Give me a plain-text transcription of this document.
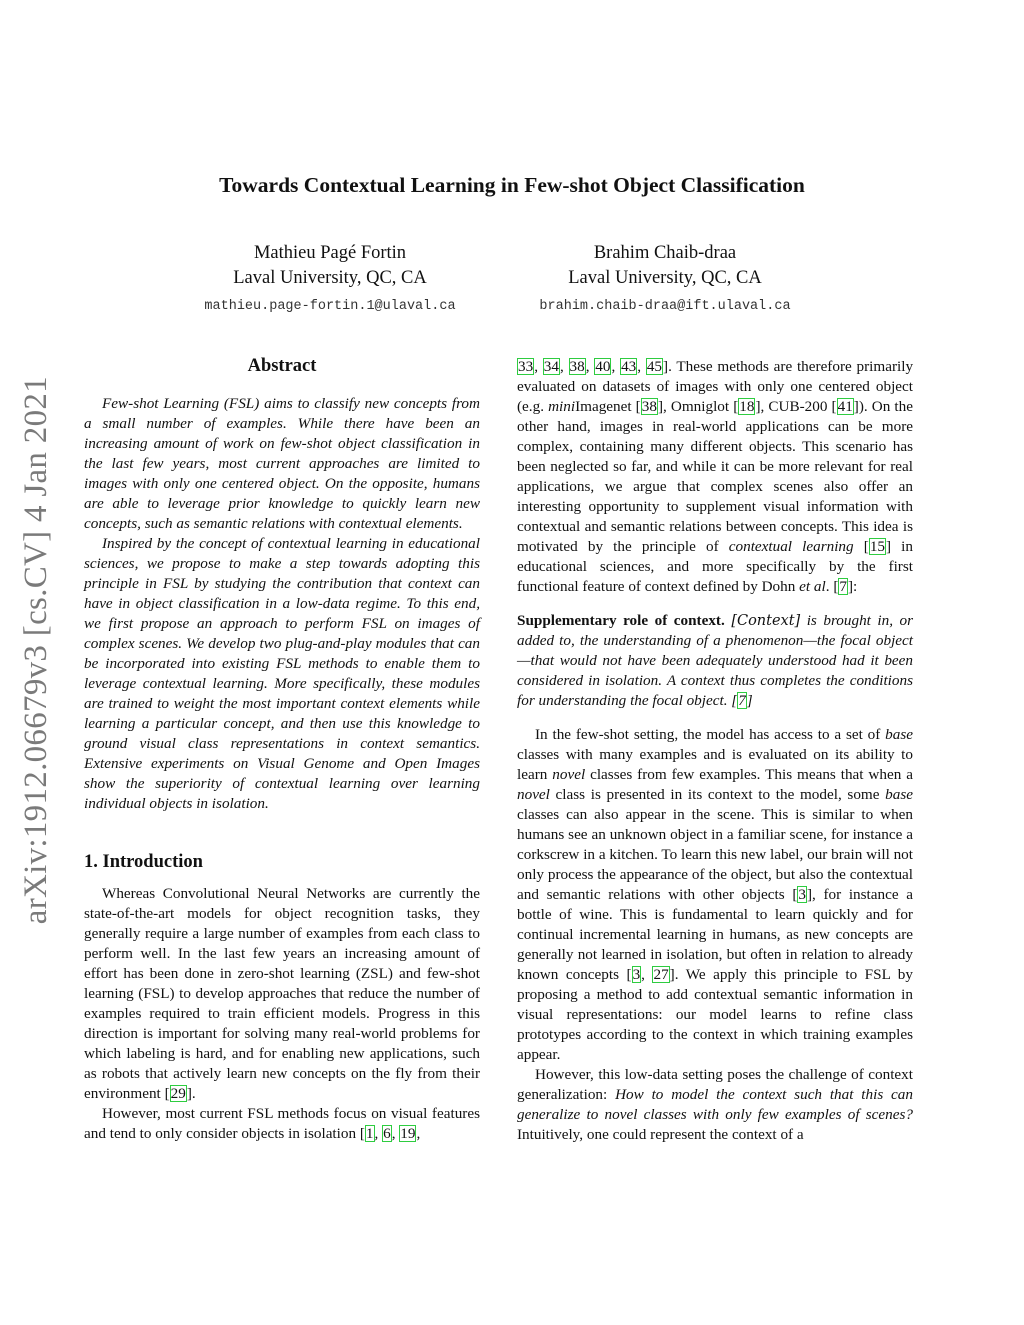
arXiv:1912.06679v3 [cs.CV] 4 Jan 2021
Towards Contextual Learning in Few-shot Object Classification
Mathieu Pagé Fortin
Laval University, QC, CA
mathieu.page-fortin.1@ulaval.ca
Brahim Chaib-draa
Laval University, QC, CA
brahim.chaib-draa@ift.ulaval.ca
Abstract

Few-shot Learning (FSL) aims to classify new concepts from a small number of examples. While there have been an increasing amount of work on few-shot object classification in the last few years, most current approaches are limited to images with only one centered object. On the opposite, humans are able to leverage prior knowledge to quickly learn new concepts, such as semantic relations with contextual elements.

Inspired by the concept of contextual learning in educational sciences, we propose to make a step towards adopting this principle in FSL by studying the contribution that context can have in object classification in a low-data regime. To this end, we first propose an approach to perform FSL on images of complex scenes. We develop two plug-and-play modules that can be incorporated into existing FSL methods to enable them to leverage contextual learning. More specifically, these modules are trained to weight the most important context elements while learning a particular concept, and then use this knowledge to ground visual class representations in context semantics. Extensive experiments on Visual Genome and Open Images show the superiority of contextual learning over learning individual objects in isolation.

1. Introduction

Whereas Convolutional Neural Networks are currently the state-of-the-art models for object recognition tasks, they generally require a large number of examples from each class to perform well. In the last few years an increasing amount of effort has been done in zero-shot learning (ZSL) and few-shot learning (FSL) to develop approaches that reduce the number of examples required to train efficient models. Progress in this direction is important for solving many real-world problems for which labeling is hard, and for enabling new applications, such as robots that actively learn new concepts on the fly from their environment [29].

However, most current FSL methods focus on visual features and tend to only consider objects in isolation [1, 6, 19,

33, 34, 38, 40, 43, 45]. These methods are therefore primarily evaluated on datasets of images with only one centered object (e.g. miniImagenet [38], Omniglot [18], CUB-200 [41]). On the other hand, images in real-world applications can be more complex, containing many different objects. This scenario has been neglected so far, and while it can be more relevant for real applications, we argue that complex scenes also offer an interesting opportunity to supplement visual information with contextual and semantic relations between concepts. This idea is motivated by the principle of contextual learning [15] in educational sciences, and more specifically by the first functional feature of context defined by Dohn et al. [7]:

Supplementary role of context. [Context] is brought in, or added to, the understanding of a phenomenon—the focal object—that would not have been adequately understood had it been considered in isolation. A context thus completes the conditions for understanding the focal object. [7]

In the few-shot setting, the model has access to a set of base classes with many examples and is evaluated on its ability to learn novel classes from few examples. This means that when a novel class is presented in its context to the model, some base classes can also appear in the scene. This is similar to when humans see an unknown object in a familiar scene, for instance a corkscrew in a kitchen. To learn this new label, our brain will not only process the appearance of the object, but also the contextual and semantic relations with other objects [3], for instance a bottle of wine. This is fundamental to learn quickly and for continual incremental learning in humans, as new concepts are generally not learned in isolation, but often in relation to already known concepts [3, 27]. We apply this principle to FSL by proposing a method to add contextual semantic information in visual representations: our model learns to refine class prototypes according to the context in which training examples appear.

However, this low-data setting poses the challenge of context generalization: How to model the context such that this can generalize to novel classes with only few examples of scenes? Intuitively, one could represent the context of a
